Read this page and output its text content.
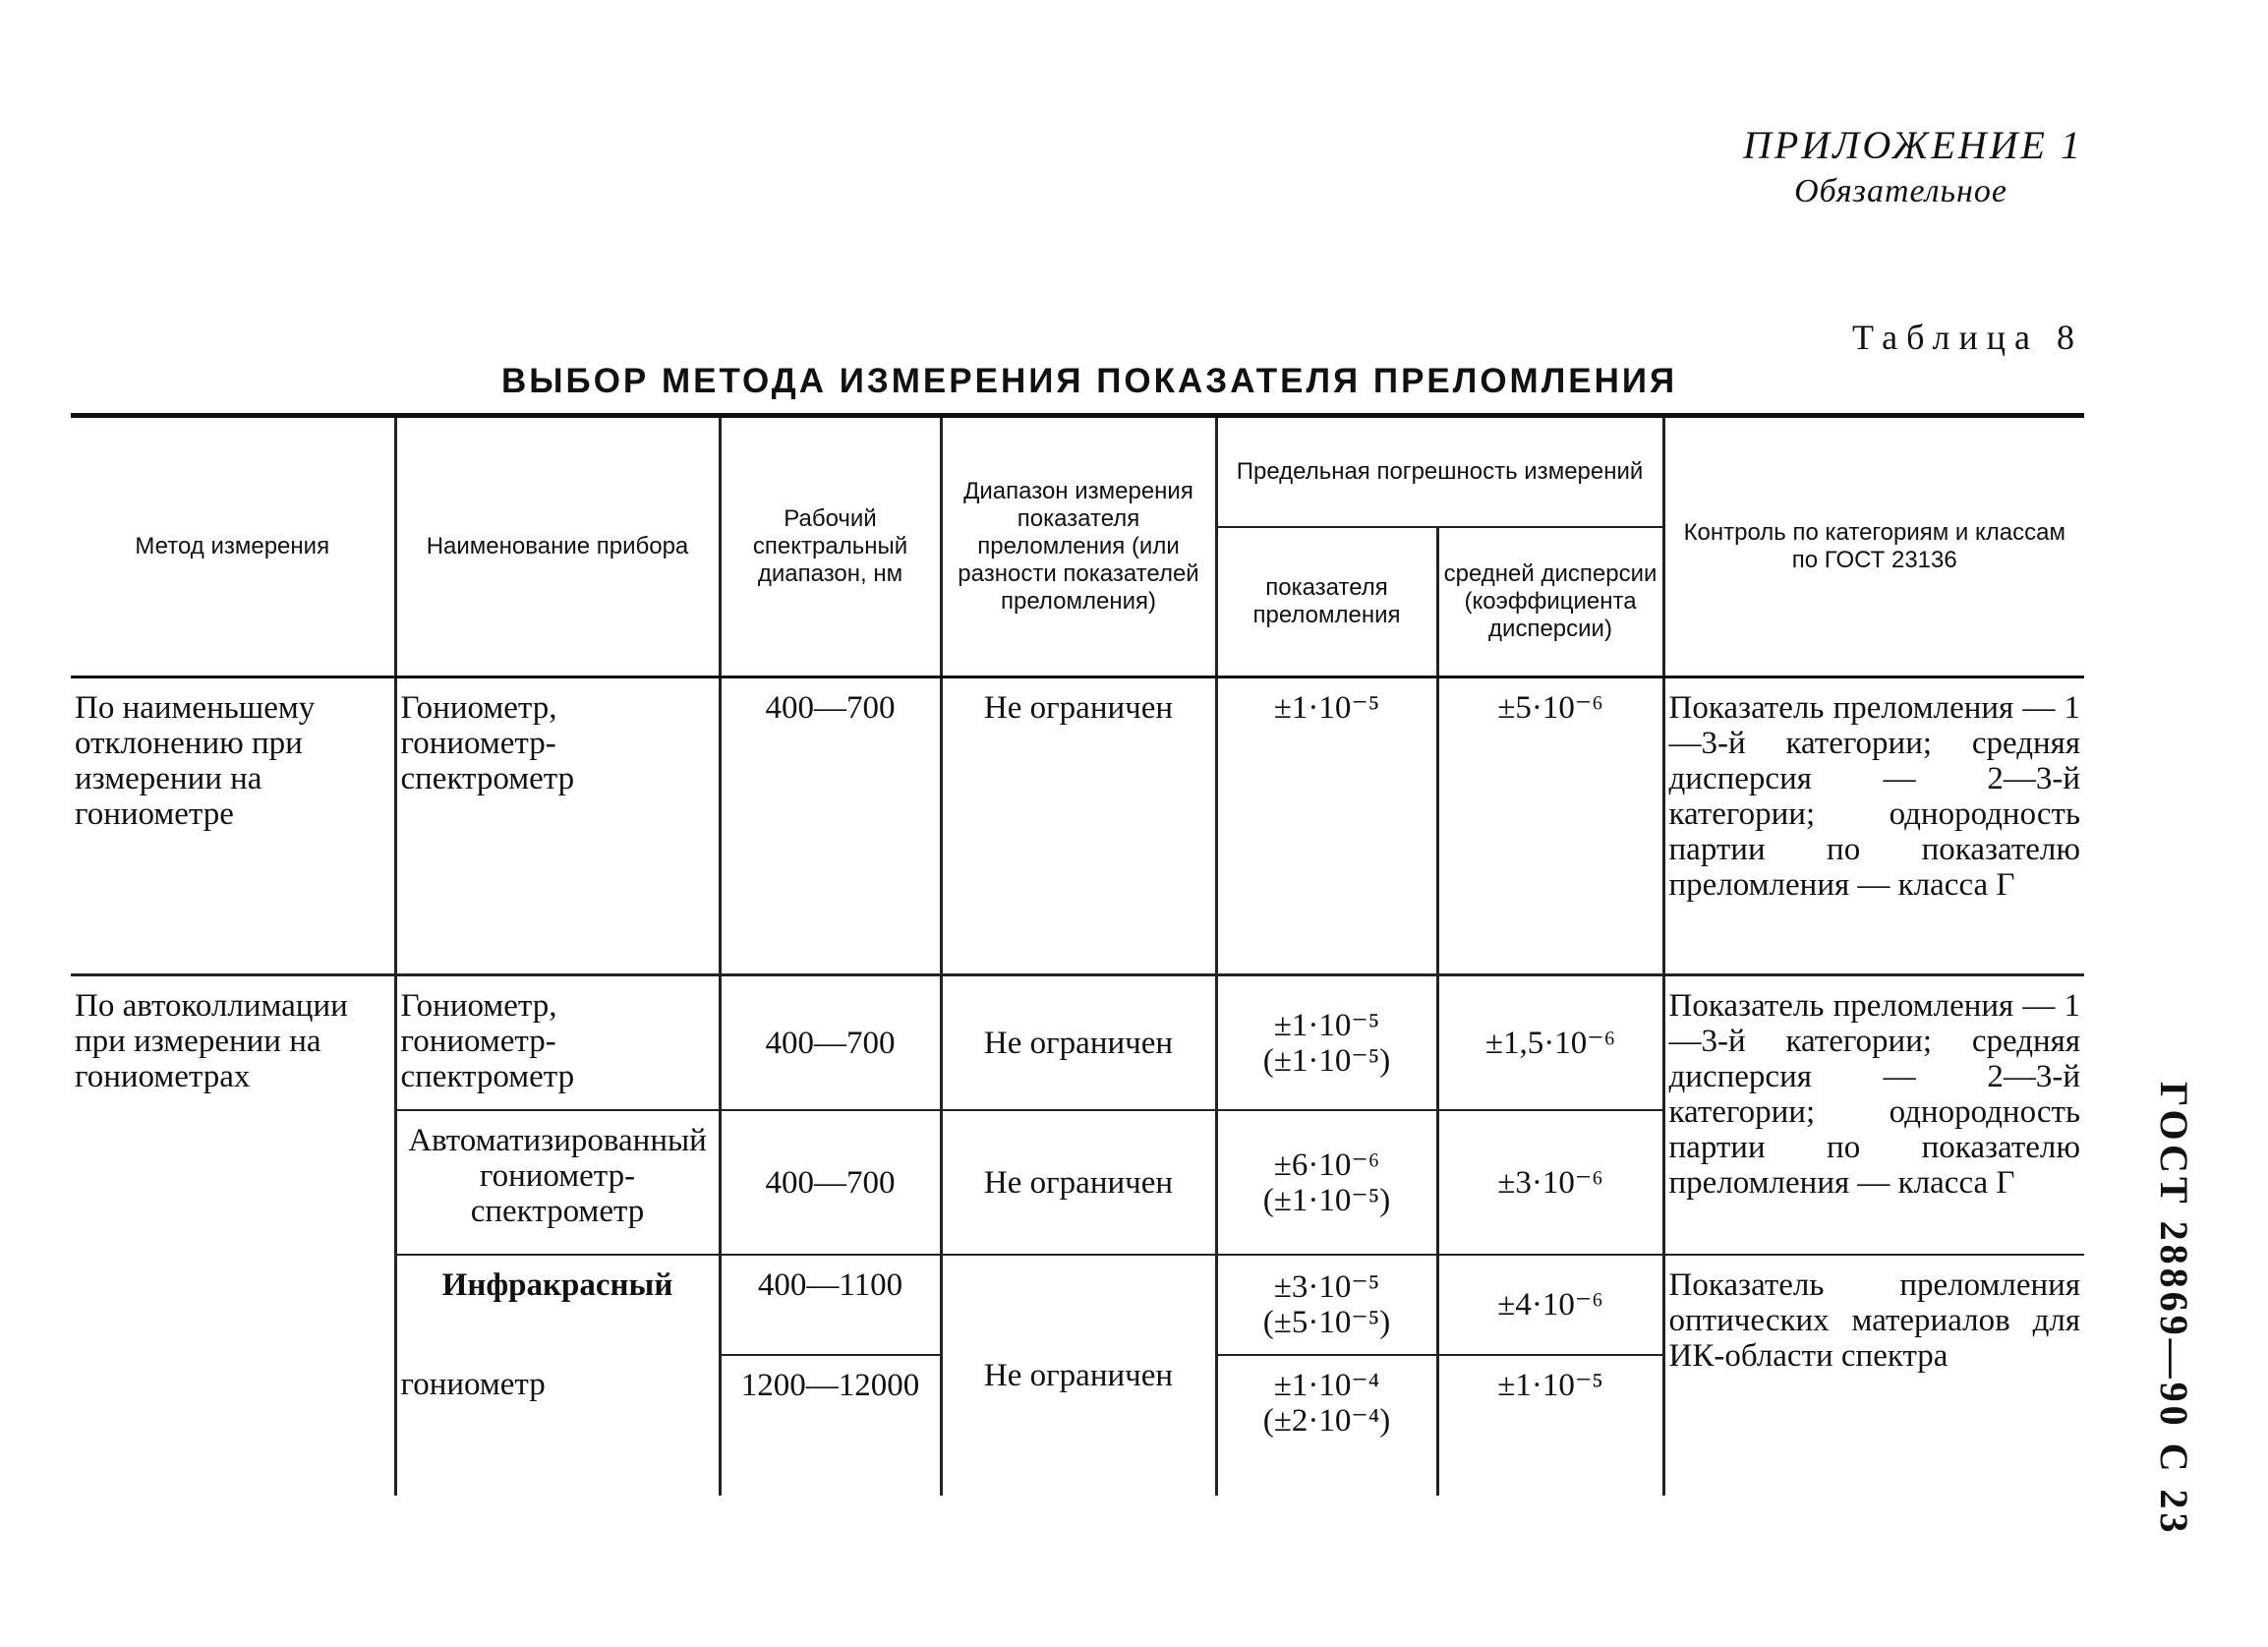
ПРИЛОЖЕНИЕ 1
Обязательное
Таблица 8
ВЫБОР МЕТОДА ИЗМЕРЕНИЯ ПОКАЗАТЕЛЯ ПРЕЛОМЛЕНИЯ
Метод измерения	Наименование прибора	Рабочий спектральный диапазон, нм	Диапазон измерения показателя преломления (или разности показателей преломления)	Предельная погрешность измерений		Контроль по категориям и классам по ГОСТ 23136
				показателя преломления	средней дисперсии (коэффициента дисперсии)	
По наименьшему отклонению при измерении на гониометре	Гониометр, гониометр-спектрометр	400—700	Не ограничен	±1·10⁻⁵	±5·10⁻⁶	Показатель преломления — 1—3-й категории; средняя дисперсия — 2—3-й категории; однородность партии по показателю преломления — класса Г
По автоколлимации при измерении на гониометрах	Гониометр, гониометр-спектрометр	400—700	Не ограничен	±1·10⁻⁵ (±1·10⁻⁵)	±1,5·10⁻⁶	Показатель преломления — 1—3-й категории; средняя дисперсия — 2—3-й категории; однородность партии по показателю преломления — класса Г
	Автоматизированный гониометр-спектрометр	400—700	Не ограничен	±6·10⁻⁶ (±1·10⁻⁵)	±3·10⁻⁶	
	Инфракрасный	400—1100	Не ограничен	±3·10⁻⁵ (±5·10⁻⁵)	±4·10⁻⁶	Показатель преломления оптических материалов для ИК-области спектра
	гониометр	1200—12000		±1·10⁻⁴ (±2·10⁻⁴)	±1·10⁻⁵		ГОСТ 28869—90 С 23
